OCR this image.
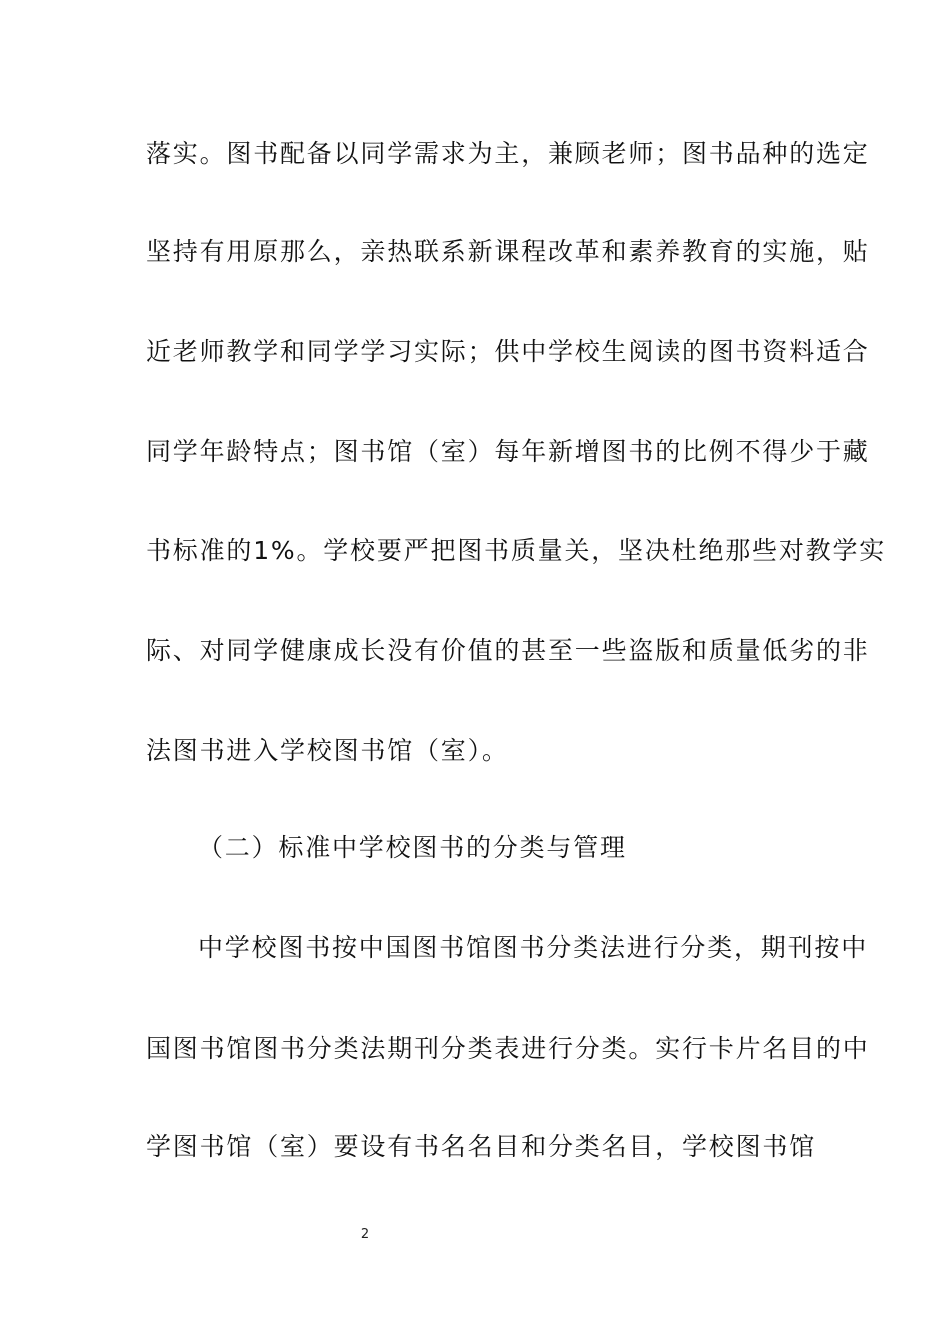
落实。图书配备以同学需求为主，兼顾老师；图书品种的选定
坚持有用原那么，亲热联系新课程改革和素养教育的实施，贴
近老师教学和同学学习实际；供中学校生阅读的图书资料适合
同学年龄特点；图书馆（室）每年新增图书的比例不得少于藏
书标准的1%。学校要严把图书质量关，坚决杜绝那些对教学实
际、对同学健康成长没有价值的甚至一些盗版和质量低劣的非
法图书进入学校图书馆（室）。
（二）标准中学校图书的分类与管理
中学校图书按中国图书馆图书分类法进行分类，期刊按中
国图书馆图书分类法期刊分类表进行分类。实行卡片名目的中
学图书馆（室）要设有书名名目和分类名目，学校图书馆
2
